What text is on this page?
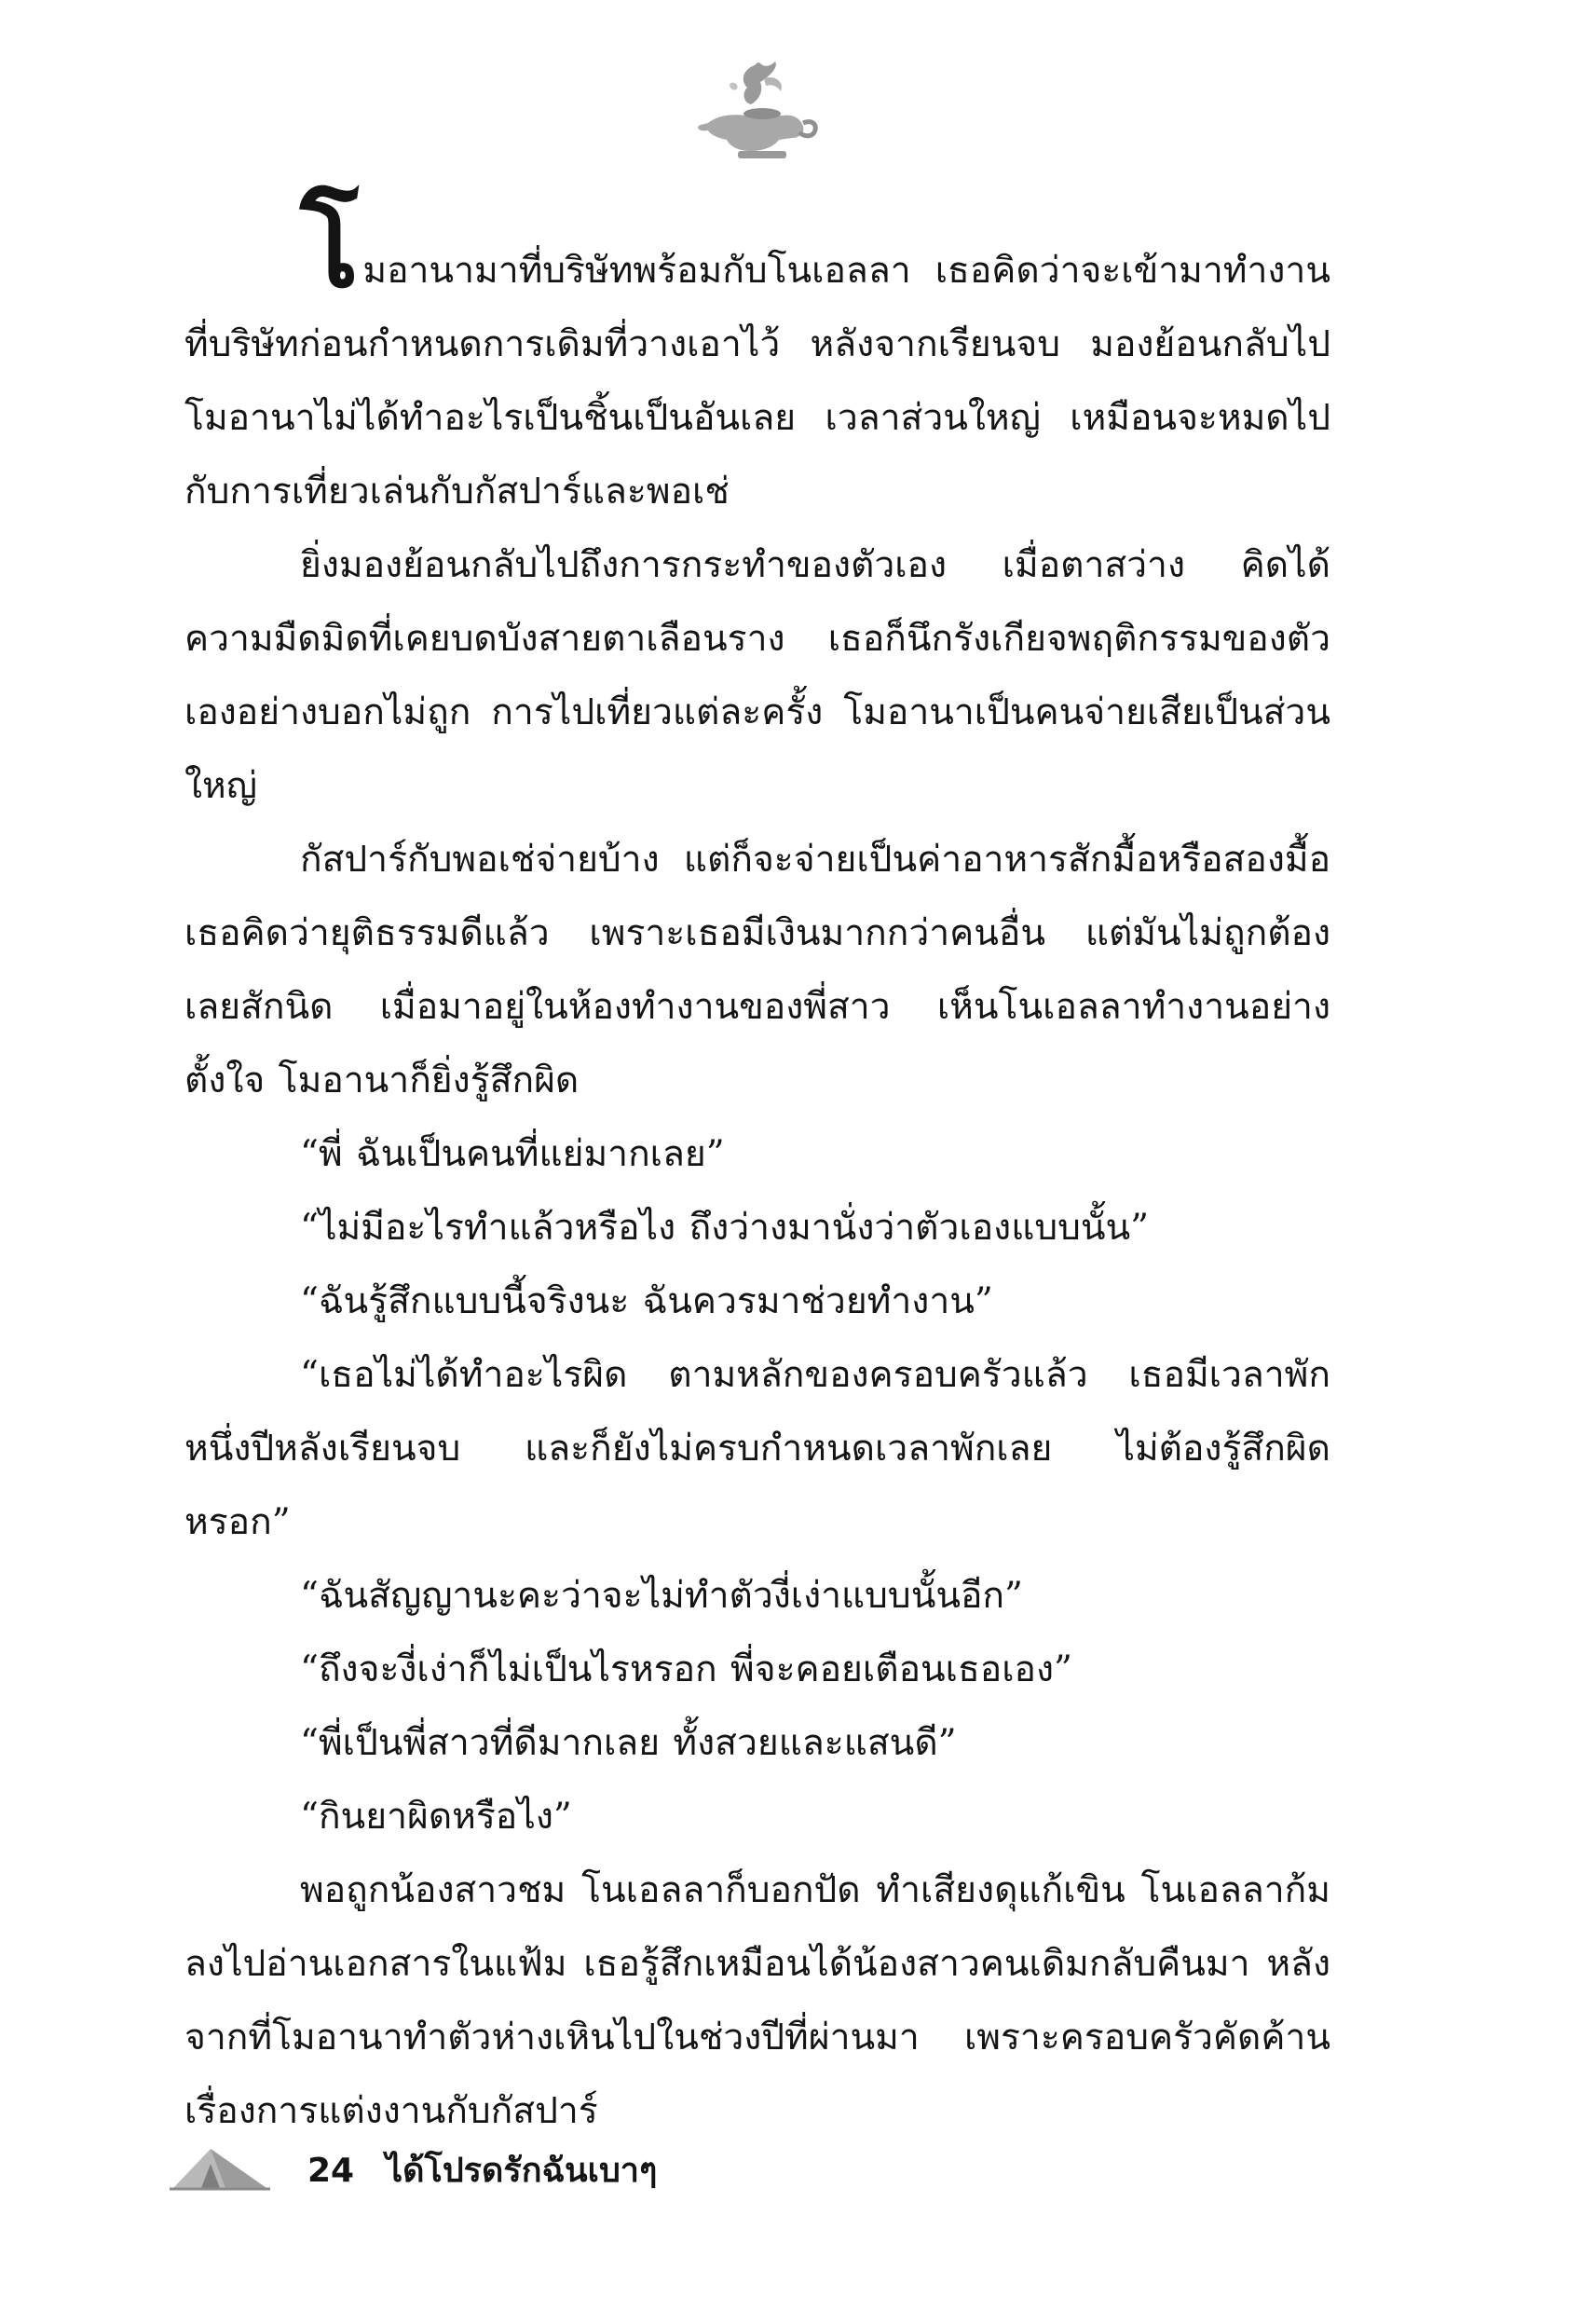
โมอานามาที่บริษัทพร้อมกับโนเอลลา เธอคิดว่าจะเข้ามาทำงานที่บริษัทก่อนกำหนดการเดิมที่วางเอาไว้ หลังจากเรียนจบ มองย้อนกลับไป โมอานาไม่ได้ทำอะไรเป็นชิ้นเป็นอันเลย เวลาส่วนใหญ่ เหมือนจะหมดไปกับการเที่ยวเล่นกับกัสปาร์และพอเช่

ยิ่งมองย้อนกลับไปถึงการกระทำของตัวเอง เมื่อตาสว่าง คิดได้ ความมืดมิดที่เคยบดบังสายตาเลือนราง เธอก็นึกรังเกียจพฤติกรรมของตัวเองอย่างบอกไม่ถูก การไปเที่ยวแต่ละครั้ง โมอานาเป็นคนจ่ายเสียเป็นส่วนใหญ่

กัสปาร์กับพอเช่จ่ายบ้าง แต่ก็จะจ่ายเป็นค่าอาหารสักมื้อหรือสองมื้อ เธอคิดว่ายุติธรรมดีแล้ว เพราะเธอมีเงินมากกว่าคนอื่น แต่มันไม่ถูกต้องเลยสักนิด เมื่อมาอยู่ในห้องทำงานของพี่สาว เห็นโนเอลลาทำงานอย่างตั้งใจ โมอานาก็ยิ่งรู้สึกผิด

“พี่ ฉันเป็นคนที่แย่มากเลย”

“ไม่มีอะไรทำแล้วหรือไง ถึงว่างมานั่งว่าตัวเองแบบนั้น”

“ฉันรู้สึกแบบนี้จริงนะ ฉันควรมาช่วยทำงาน”

“เธอไม่ได้ทำอะไรผิด ตามหลักของครอบครัวแล้ว เธอมีเวลาพักหนึ่งปีหลังเรียนจบ และก็ยังไม่ครบกำหนดเวลาพักเลย ไม่ต้องรู้สึกผิดหรอก”

“ฉันสัญญานะคะว่าจะไม่ทำตัวงี่เง่าแบบนั้นอีก”

“ถึงจะงี่เง่าก็ไม่เป็นไรหรอก พี่จะคอยเตือนเธอเอง”

“พี่เป็นพี่สาวที่ดีมากเลย ทั้งสวยและแสนดี”

“กินยาผิดหรือไง”

พอถูกน้องสาวชม โนเอลลาก็บอกปัด ทำเสียงดุแก้เขิน โนเอลลาก้มลงไปอ่านเอกสารในแฟ้ม เธอรู้สึกเหมือนได้น้องสาวคนเดิมกลับคืนมา หลังจากที่โมอานาทำตัวห่างเหินไปในช่วงปีที่ผ่านมา เพราะครอบครัวคัดค้านเรื่องการแต่งงานกับกัสปาร์

24 ได้โปรดรักฉันเบาๆ
